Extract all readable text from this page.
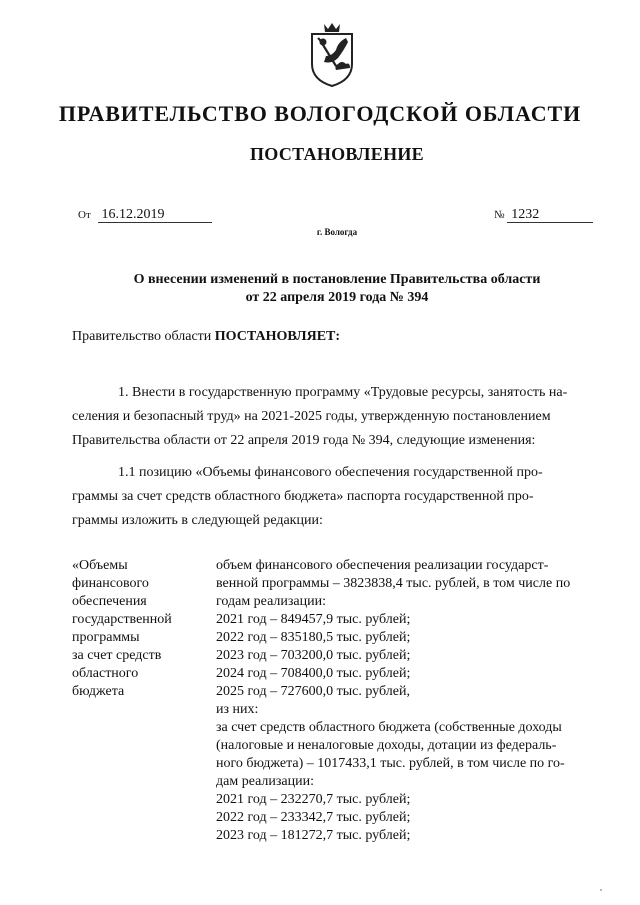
ПРАВИТЕЛЬСТВО ВОЛОГОДСКОЙ ОБЛАСТИ
ПОСТАНОВЛЕНИЕ
От 16.12.2019	№ 1232
г. Вологда
О внесении изменений в постановление Правительства области
от 22 апреля 2019 года № 394
Правительство области ПОСТАНОВЛЯЕТ:
1. Внести в государственную программу «Трудовые ресурсы, занятость на-
селения и безопасный труд» на 2021-2025 годы, утвержденную постановлением
Правительства области от 22 апреля 2019 года № 394, следующие изменения:
1.1 позицию «Объемы финансового обеспечения государственной про-
граммы за счет средств областного бюджета» паспорта государственной про-
граммы изложить в следующей редакции:
«Объемы
финансового
обеспечения
государственной
программы
за счет средств
областного
бюджета
объем финансового обеспечения реализации государст-
венной программы – 3823838,4 тыс. рублей, в том числе по
годам реализации:
2021 год – 849457,9 тыс. рублей;
2022 год – 835180,5 тыс. рублей;
2023 год – 703200,0 тыс. рублей;
2024 год – 708400,0 тыс. рублей;
2025 год – 727600,0 тыс. рублей,
из них:
за счет средств областного бюджета (собственные доходы
(налоговые и неналоговые доходы, дотации из федераль-
ного бюджета) – 1017433,1 тыс. рублей, в том числе по го-
дам реализации:
2021 год – 232270,7 тыс. рублей;
2022 год – 233342,7 тыс. рублей;
2023 год – 181272,7 тыс. рублей;
